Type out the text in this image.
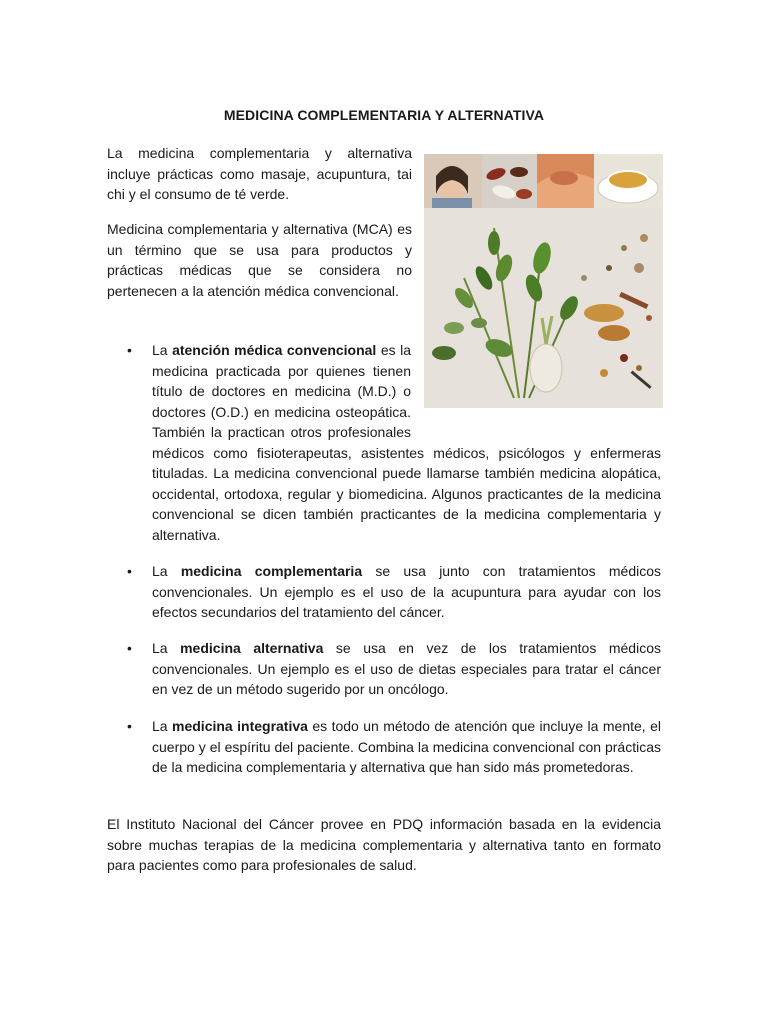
MEDICINA COMPLEMENTARIA Y ALTERNATIVA

La medicina complementaria y alternativa incluye prácticas como masaje, acupuntura, tai chi y el consumo de té verde.

Medicina complementaria y alternativa (MCA) es un término que se usa para productos y prácticas médicas que se considera no pertenecen a la atención médica convencional.

• La atención médica convencional es la medicina practicada por quienes tienen título de doctores en medicina (M.D.) o doctores (O.D.) en medicina osteopática. También la practican otros profesionales médicos como fisioterapeutas, asistentes médicos, psicólogos y enfermeras tituladas. La medicina convencional puede llamarse también medicina alopática, occidental, ortodoxa, regular y biomedicina. Algunos practicantes de la medicina convencional se dicen también practicantes de la medicina complementaria y alternativa.
• La medicina complementaria se usa junto con tratamientos médicos convencionales. Un ejemplo es el uso de la acupuntura para ayudar con los efectos secundarios del tratamiento del cáncer.
• La medicina alternativa se usa en vez de los tratamientos médicos convencionales. Un ejemplo es el uso de dietas especiales para tratar el cáncer en vez de un método sugerido por un oncólogo.
• La medicina integrativa es todo un método de atención que incluye la mente, el cuerpo y el espíritu del paciente. Combina la medicina convencional con prácticas de la medicina complementaria y alternativa que han sido más prometedoras.

El Instituto Nacional del Cáncer provee en PDQ información basada en la evidencia sobre muchas terapias de la medicina complementaria y alternativa tanto en formato para pacientes como para profesionales de salud.
